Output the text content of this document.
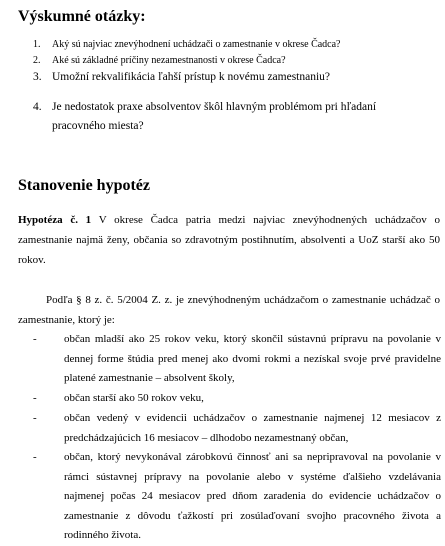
Výskumné otázky:
1. Aký sú najviac znevýhodnení uchádzači o zamestnanie v okrese Čadca?
2. Aké sú základné príčiny nezamestnanosti v okrese Čadca?
3. Umožní rekvalifikácia ľahší prístup k novému zamestnaniu?
4. Je nedostatok praxe absolventov škôl hlavným problémom pri hľadaní pracovného miesta?
Stanovenie hypotéz

Hypotéza č. 1 V okrese Čadca patria medzi najviac znevýhodnených uchádzačov o zamestnanie najmä ženy, občania so zdravotným postihnutím, absolventi a UoZ starší ako 50 rokov.

Podľa § 8 z. č. 5/2004 Z. z. je znevýhodneným uchádzačom o zamestnanie uchádzač o zamestnanie, ktorý je:

- občan mladší ako 25 rokov veku, ktorý skončil sústavnú prípravu na povolanie v dennej forme štúdia pred menej ako dvomi rokmi a nezískal svoje prvé pravidelne platené zamestnanie – absolvent školy,
- občan starší ako 50 rokov veku,
- občan vedený v evidencii uchádzačov o zamestnanie najmenej 12 mesiacov z predchádzajúcich 16 mesiacov – dlhodobo nezamestnaný občan,
- občan, ktorý nevykonával zárobkovú činnosť ani sa nepripravoval na povolanie v rámci sústavnej prípravy na povolanie alebo v systéme ďalšieho vzdelávania najmenej počas 24 mesiacov pred dňom zaradenia do evidencie uchádzačov o zamestnanie z dôvodu ťažkostí pri zosúlaďovaní svojho pracovného života a rodinného života.
